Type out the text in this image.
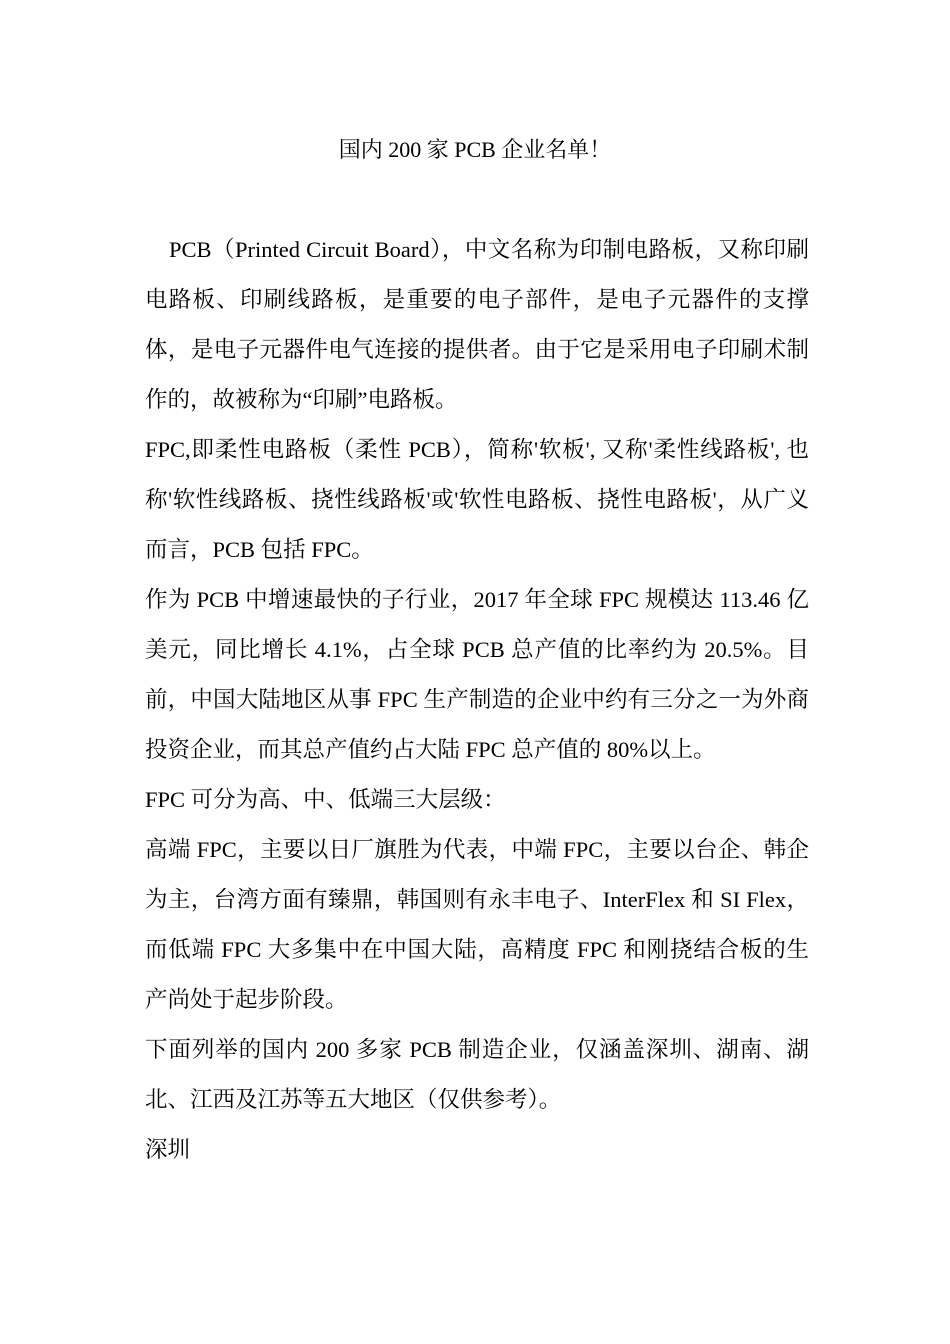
国内 200 家 PCB 企业名单！

PCB（Printed Circuit Board），中文名称为印制电路板，又称印刷电路板、印刷线路板，是重要的电子部件，是电子元器件的支撑体，是电子元器件电气连接的提供者。由于它是采用电子印刷术制作的，故被称为“印刷”电路板。

FPC,即柔性电路板（柔性 PCB），简称'软板', 又称'柔性线路板', 也称'软性线路板、挠性线路板'或'软性电路板、挠性电路板'，从广义而言，PCB 包括 FPC。

作为 PCB 中增速最快的子行业，2017 年全球 FPC 规模达 113.46 亿美元，同比增长 4.1%，占全球 PCB 总产值的比率约为 20.5%。目前，中国大陆地区从事 FPC 生产制造的企业中约有三分之一为外商投资企业，而其总产值约占大陆 FPC 总产值的 80%以上。

FPC 可分为高、中、低端三大层级：

高端 FPC，主要以日厂旗胜为代表，中端 FPC，主要以台企、韩企为主，台湾方面有臻鼎，韩国则有永丰电子、InterFlex 和 SI Flex，而低端 FPC 大多集中在中国大陆，高精度 FPC 和刚挠结合板的生产尚处于起步阶段。

下面列举的国内 200 多家 PCB 制造企业，仅涵盖深圳、湖南、湖北、江西及江苏等五大地区（仅供参考）。

深圳
